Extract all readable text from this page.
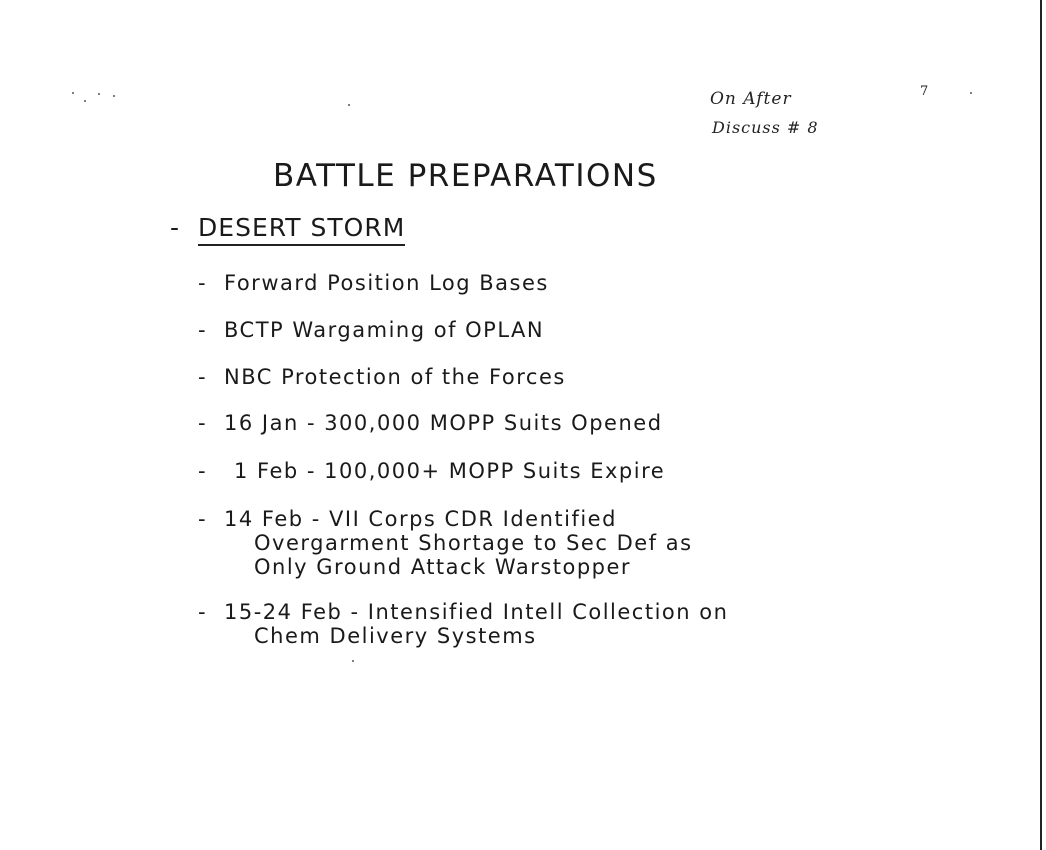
On After
Discuss # 8
7
BATTLE PREPARATIONS
- DESERT STORM
- Forward Position Log Bases
- BCTP Wargaming of OPLAN
- NBC Protection of the Forces
- 16 Jan - 300,000 MOPP Suits Opened
- 1 Feb - 100,000+ MOPP Suits Expire
- 14 Feb - VII Corps CDR Identified
Overgarment Shortage to Sec Def as
Only Ground Attack Warstopper
- 15-24 Feb - Intensified Intell Collection on
Chem Delivery Systems
